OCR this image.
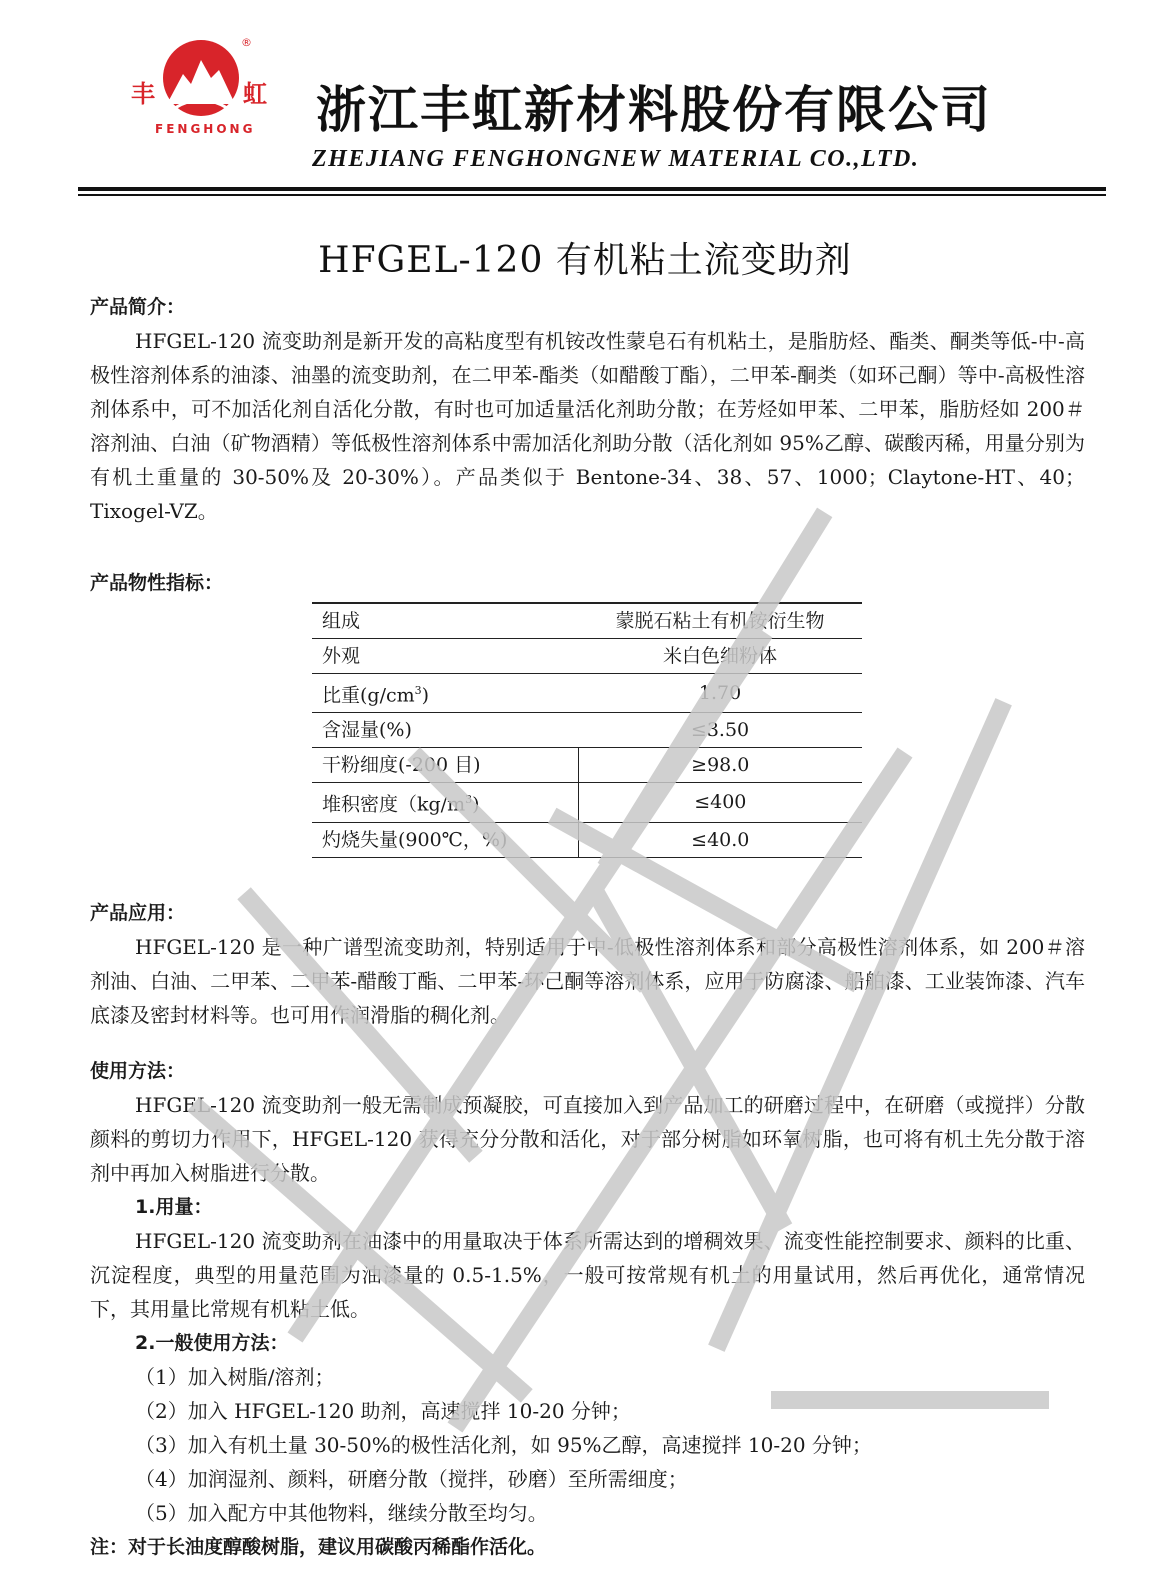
丰	虹
®
FENGHONG 浙江丰虹新材料股份有限公司
ZHEJIANG FENGHONGNEW MATERIAL CO.,LTD.
HFGEL-120 有机粘土流变助剂

产品简介：

HFGEL-120 流变助剂是新开发的高粘度型有机铵改性蒙皂石有机粘土，是脂肪烃、酯类、酮类等低-中-高极性溶剂体系的油漆、油墨的流变助剂，在二甲苯-酯类（如醋酸丁酯），二甲苯-酮类（如环己酮）等中-高极性溶剂体系中，可不加活化剂自活化分散，有时也可加适量活化剂助分散；在芳烃如甲苯、二甲苯，脂肪烃如 200＃溶剂油、白油（矿物酒精）等低极性溶剂体系中需加活化剂助分散（活化剂如 95%乙醇、碳酸丙稀，用量分别为有机土重量的 30-50%及 20-30%）。产品类似于 Bentone-34、38、57、1000；Claytone-HT、40；Tixogel-VZ。

产品物性指标：

组成	蒙脱石粘土有机铵衍生物
外观	米白色细粉体
比重$(g/cm^3)$	1.70
含湿量(%)	≤3.50
干粉细度(-200 目)	≥98.0
堆积密度$(kg/m^3)$	≤400
灼烧失量(900℃，%)	≤40.0

产品应用：

HFGEL-120 是一种广谱型流变助剂，特别适用于中-低极性溶剂体系和部分高极性溶剂体系，如 200＃溶剂油、白油、二甲苯、二甲苯-醋酸丁酯、二甲苯-环己酮等溶剂体系，应用于防腐漆、船舶漆、工业装饰漆、汽车底漆及密封材料等。也可用作润滑脂的稠化剂。

使用方法：

HFGEL-120 流变助剂一般无需制成预凝胶，可直接加入到产品加工的研磨过程中，在研磨（或搅拌）分散颜料的剪切力作用下，HFGEL-120 获得充分分散和活化，对于部分树脂如环氧树脂，也可将有机土先分散于溶剂中再加入树脂进行分散。

1.用量：

HFGEL-120 流变助剂在油漆中的用量取决于体系所需达到的增稠效果、流变性能控制要求、颜料的比重、沉淀程度，典型的用量范围为油漆量的 0.5-1.5%，一般可按常规有机土的用量试用，然后再优化，通常情况下，其用量比常规有机粘土低。

2.一般使用方法：

（1）加入树脂/溶剂；

（2）加入 HFGEL-120 助剂，高速搅拌 10-20 分钟；

（3）加入有机土量 30-50%的极性活化剂，如 95%乙醇，高速搅拌 10-20 分钟；

（4）加润湿剂、颜料，研磨分散（搅拌，砂磨）至所需细度；

（5）加入配方中其他物料，继续分散至均匀。

注：对于长油度醇酸树脂，建议用碳酸丙稀酯作活化。
